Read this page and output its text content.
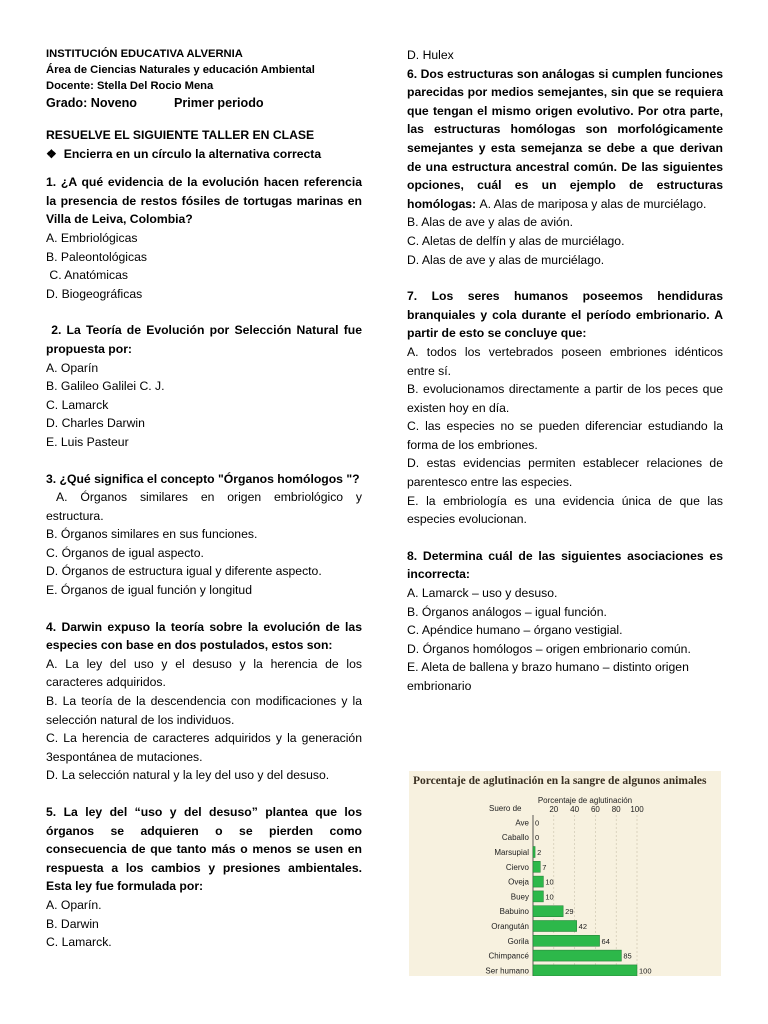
INSTITUCIÓN EDUCATIVA ALVERNIA

Área de Ciencias Naturales y educación Ambiental

Docente: Stella Del Rocio Mena

Grado: Noveno	Primer periodo

RESUELVE EL SIGUIENTE TALLER EN CLASE

❖ Encierra en un círculo la alternativa correcta

1. ¿A qué evidencia de la evolución hacen referencia la presencia de restos fósiles de tortugas marinas en Villa de Leiva, Colombia?

A. Embriológicas

B. Paleontológicas

C. Anatómicas

D. Biogeográficas

2. La Teoría de Evolución por Selección Natural fue propuesta por:

A. Oparín

B. Galileo Galilei C. J.

C. Lamarck

D. Charles Darwin

E. Luis Pasteur

3. ¿Qué significa el concepto "Órganos homólogos "?

A. Órganos similares en origen embriológico y estructura.

B. Órganos similares en sus funciones.

C. Órganos de igual aspecto.

D. Órganos de estructura igual y diferente aspecto.

E. Órganos de igual función y longitud

4. Darwin expuso la teoría sobre la evolución de las especies con base en dos postulados, estos son:

A. La ley del uso y el desuso y la herencia de los caracteres adquiridos.

B. La teoría de la descendencia con modificaciones y la selección natural de los individuos.

C. La herencia de caracteres adquiridos y la generación 3espontánea de mutaciones.

D. La selección natural y la ley del uso y del desuso.

5. La ley del “uso y del desuso” plantea que los órganos se adquieren o se pierden como consecuencia de que tanto más o menos se usen en respuesta a los cambios y presiones ambientales. Esta ley fue formulada por:

A. Oparín.

B. Darwin

C. Lamarck.

D. Hulex

6. Dos estructuras son análogas si cumplen funciones parecidas por medios semejantes, sin que se requiera que tengan el mismo origen evolutivo. Por otra parte, las estructuras homólogas son morfológicamente semejantes y esta semejanza se debe a que derivan de una estructura ancestral común. De las siguientes opciones, cuál es un ejemplo de estructuras homólogas: A. Alas de mariposa y alas de murciélago.

B. Alas de ave y alas de avión.

C. Aletas de delfín y alas de murciélago.

D. Alas de ave y alas de murciélago.

7. Los seres humanos poseemos hendiduras branquiales y cola durante el período embrionario. A partir de esto se concluye que:

A. todos los vertebrados poseen embriones idénticos entre sí.

B. evolucionamos directamente a partir de los peces que existen hoy en día.

C. las especies no se pueden diferenciar estudiando la forma de los embriones.

D. estas evidencias permiten establecer relaciones de parentesco entre las especies.

E. la embriología es una evidencia única de que las especies evolucionan.

8. Determina cuál de las siguientes asociaciones es incorrecta:

A. Lamarck – uso y desuso.

B. Órganos análogos – igual función.

C. Apéndice humano – órgano vestigial.

D. Órganos homólogos – origen embrionario común.

E. Aleta de ballena y brazo humano – distinto origen embrionario

Porcentaje de aglutinación en la sangre de algunos animales
Suero de
Porcentaje de aglutinación
20 40 60 80 100
Ave 0
Caballo 0
Marsupial 2
Ciervo 7
Oveja 10
Buey 10
Babuino	29
Orangután	42
Gorila	64
Chimpancé	85
Ser humano	100
